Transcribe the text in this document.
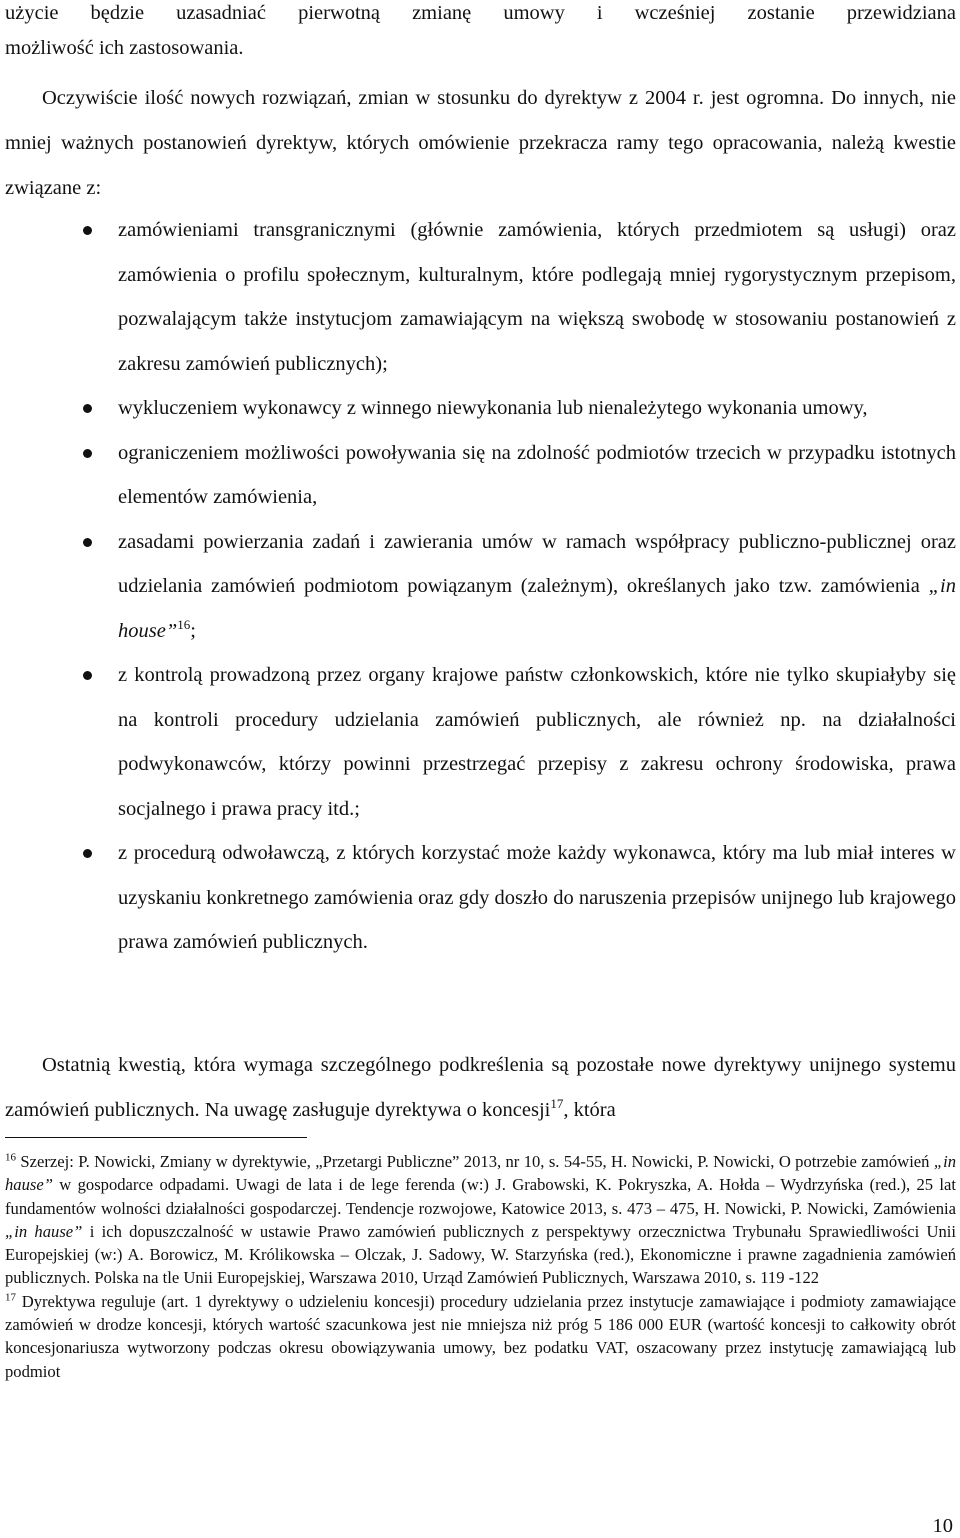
użycie będzie uzasadniać pierwotną zmianę umowy i wcześniej zostanie przewidziana

możliwość ich zastosowania.

Oczywiście ilość nowych rozwiązań, zmian w stosunku do dyrektyw z 2004 r. jest ogromna. Do innych, nie mniej ważnych postanowień dyrektyw, których omówienie przekracza ramy tego opracowania, należą kwestie związane z:

zamówieniami transgranicznymi (głównie zamówienia, których przedmiotem są usługi) oraz zamówienia o profilu społecznym, kulturalnym, które podlegają mniej rygorystycznym przepisom, pozwalającym także instytucjom zamawiającym na większą swobodę w stosowaniu postanowień z zakresu zamówień publicznych);
wykluczeniem wykonawcy z winnego niewykonania lub nienależytego wykonania umowy,
ograniczeniem możliwości powoływania się na zdolność podmiotów trzecich w przypadku istotnych elementów zamówienia,
zasadami powierzania zadań i zawierania umów w ramach współpracy publiczno-publicznej oraz udzielania zamówień podmiotom powiązanym (zależnym), określanych jako tzw. zamówienia „in house”$^{16}$;
z kontrolą prowadzoną przez organy krajowe państw członkowskich, które nie tylko skupiałyby się na kontroli procedury udzielania zamówień publicznych, ale również np. na działalności podwykonawców, którzy powinni przestrzegać przepisy z zakresu ochrony środowiska, prawa socjalnego i prawa pracy itd.;
z procedurą odwoławczą, z których korzystać może każdy wykonawca, który ma lub miał interes w uzyskaniu konkretnego zamówienia oraz gdy doszło do naruszenia przepisów unijnego lub krajowego prawa zamówień publicznych.

Ostatnią kwestią, która wymaga szczególnego podkreślenia są pozostałe nowe dyrektywy unijnego systemu zamówień publicznych. Na uwagę zasługuje dyrektywa o koncesji$^{17}$, która

$^{16}$ Szerzej: P. Nowicki, Zmiany w dyrektywie, „Przetargi Publiczne” 2013, nr 10, s. 54-55, H. Nowicki, P. Nowicki, O potrzebie zamówień „in hause” w gospodarce odpadami. Uwagi de lata i de lege ferenda (w:) J. Grabowski, K. Pokryszka, A. Hołda – Wydrzyńska (red.), 25 lat fundamentów wolności działalności gospodarczej. Tendencje rozwojowe, Katowice 2013, s. 473 – 475, H. Nowicki, P. Nowicki, Zamówienia „in hause” i ich dopuszczalność w ustawie Prawo zamówień publicznych z perspektywy orzecznictwa Trybunału Sprawiedliwości Unii Europejskiej (w:) A. Borowicz, M. Królikowska – Olczak, J. Sadowy, W. Starzyńska (red.), Ekonomiczne i prawne zagadnienia zamówień publicznych. Polska na tle Unii Europejskiej, Warszawa 2010, Urząd Zamówień Publicznych, Warszawa 2010, s. 119 -122

$^{17}$ Dyrektywa reguluje (art. 1 dyrektywy o udzieleniu koncesji) procedury udzielania przez instytucje zamawiające i podmioty zamawiające zamówień w drodze koncesji, których wartość szacunkowa jest nie mniejsza niż próg 5 186 000 EUR (wartość koncesji to całkowity obrót koncesjonariusza wytworzony podczas okresu obowiązywania umowy, bez podatku VAT, oszacowany przez instytucję zamawiającą lub podmiot

10
